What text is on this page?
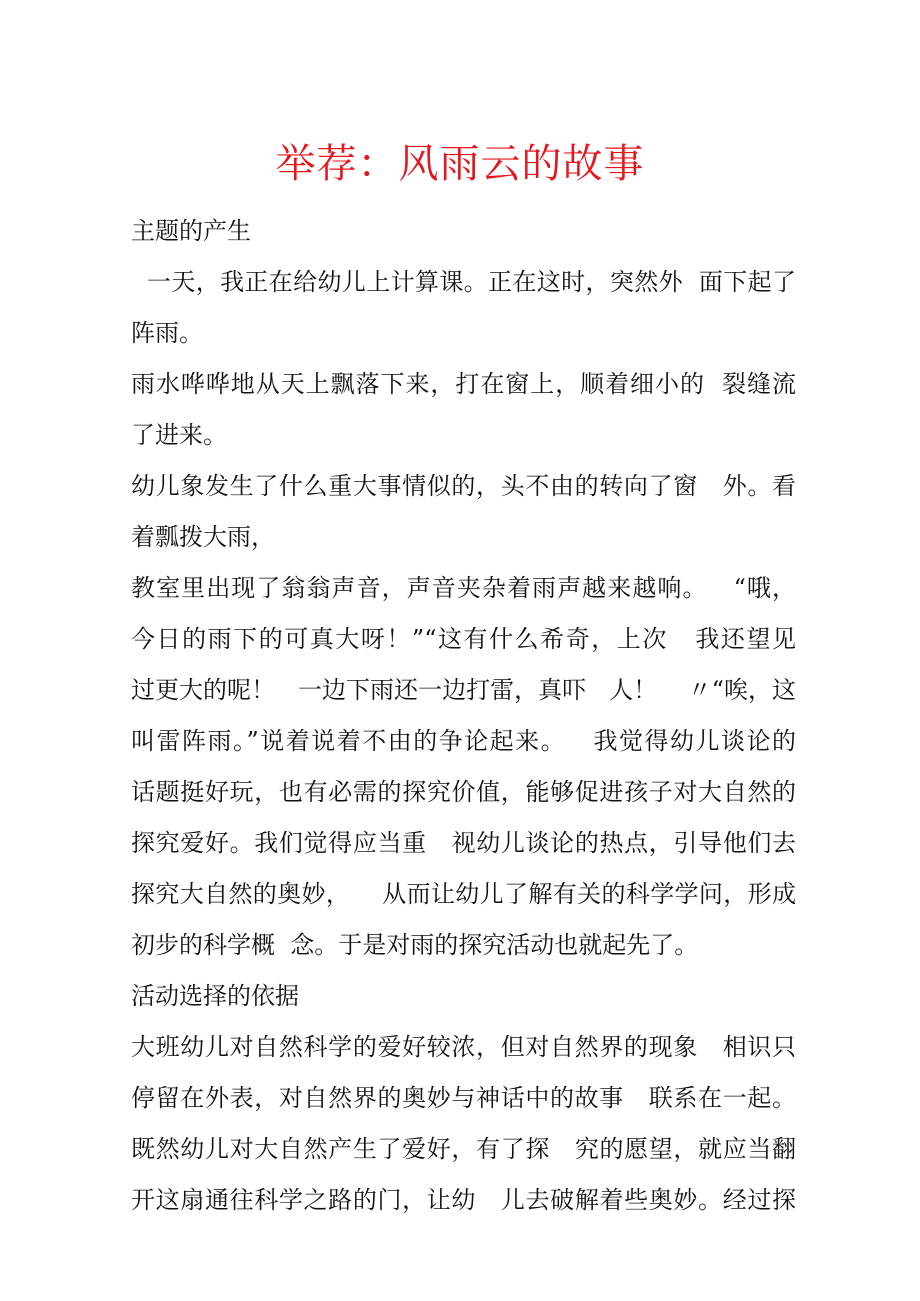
举荐：风雨云的故事
主题的产生
一天，我正在给幼儿上计算课。正在这时，突然外  面下起了
阵雨。
雨水哗哗地从天上飘落下来，打在窗上，顺着细小的  裂缝流
了进来。
幼儿象发生了什么重大事情似的，头不由的转向了窗   外。看
着瓢拨大雨，
教室里出现了翁翁声音，声音夹杂着雨声越来越响。   “哦，
今日的雨下的可真大呀！”“这有什么希奇，上次   我还望见
过更大的呢！   一边下雨还一边打雷，真吓   人！    〃“唉，这
叫雷阵雨。”说着说着不由的争论起来。   我觉得幼儿谈论的
话题挺好玩，也有必需的探究价值，能够促进孩子对大自然的
探究爱好。我们觉得应当重   视幼儿谈论的热点，引导他们去
探究大自然的奥妙，    从而让幼儿了解有关的科学学问，形成
初步的科学概  念。于是对雨的探究活动也就起先了。
活动选择的依据
大班幼儿对自然科学的爱好较浓，但对自然界的现象   相识只
停留在外表，对自然界的奥妙与神话中的故事   联系在一起。
既然幼儿对大自然产生了爱好，有了探   究的愿望，就应当翻
开这扇通往科学之路的门，让幼   儿去破解着些奥妙。经过探
